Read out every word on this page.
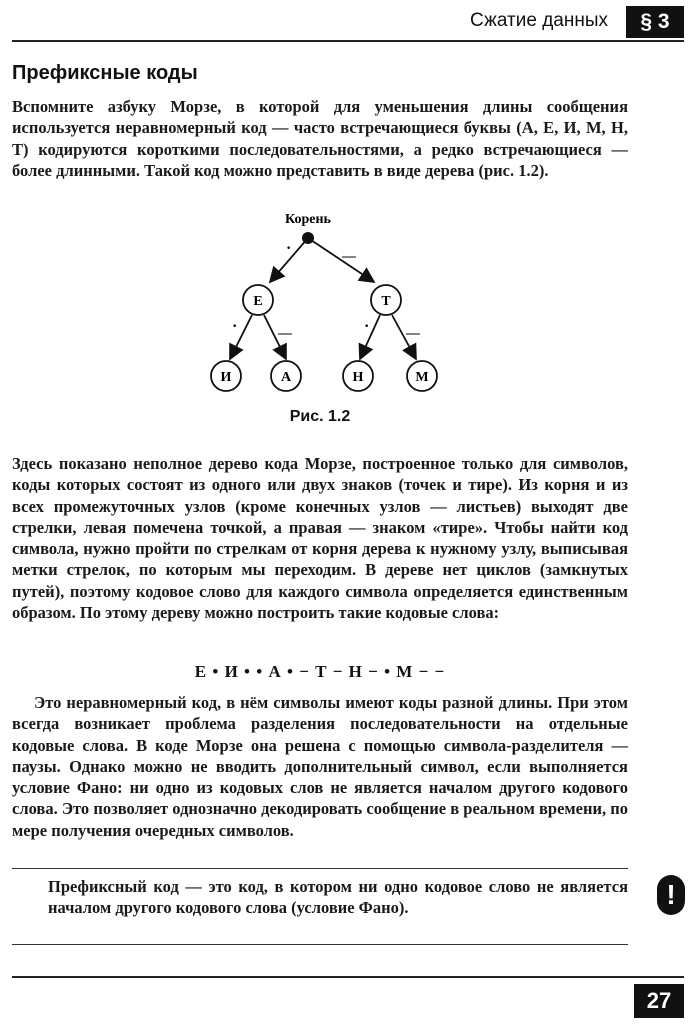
Сжатие данных	§ 3
Префиксные коды
Вспомните азбуку Морзе, в которой для уменьшения длины сообщения используется неравномерный код — часто встречающиеся буквы (А, Е, И, М, Н, Т) кодируются короткими последовательностями, а редко встречающиеся — более длинными. Такой код можно представить в виде дерева (рис. 1.2).
Корень
·	—
Е	Т
·	—	·	—
И	А	Н	М
Рис. 1.2
Здесь показано неполное дерево кода Морзе, построенное только для символов, коды которых состоят из одного или двух знаков (точек и тире). Из корня и из всех промежуточных узлов (кроме конечных узлов — листьев) выходят две стрелки, левая помечена точкой, а правая — знаком «тире». Чтобы найти код символа, нужно пройти по стрелкам от корня дерева к нужному узлу, выписывая метки стрелок, по которым мы переходим. В дереве нет циклов (замкнутых путей), поэтому кодовое слово для каждого символа определяется единственным образом. По этому дереву можно построить такие кодовые слова:
Е • И • • А • − Т − Н − • М − −
Это неравномерный код, в нём символы имеют коды разной длины. При этом всегда возникает проблема разделения последовательности на отдельные кодовые слова. В коде Морзе она решена с помощью символа-разделителя — паузы. Однако можно не вводить дополнительный символ, если выполняется условие Фано: ни одно из кодовых слов не является началом другого кодового слова. Это позволяет однозначно декодировать сообщение в реальном времени, по мере получения очередных символов.
Префиксный код — это код, в котором ни одно кодовое слово не является началом другого кодового слова (условие Фано).	!
27
